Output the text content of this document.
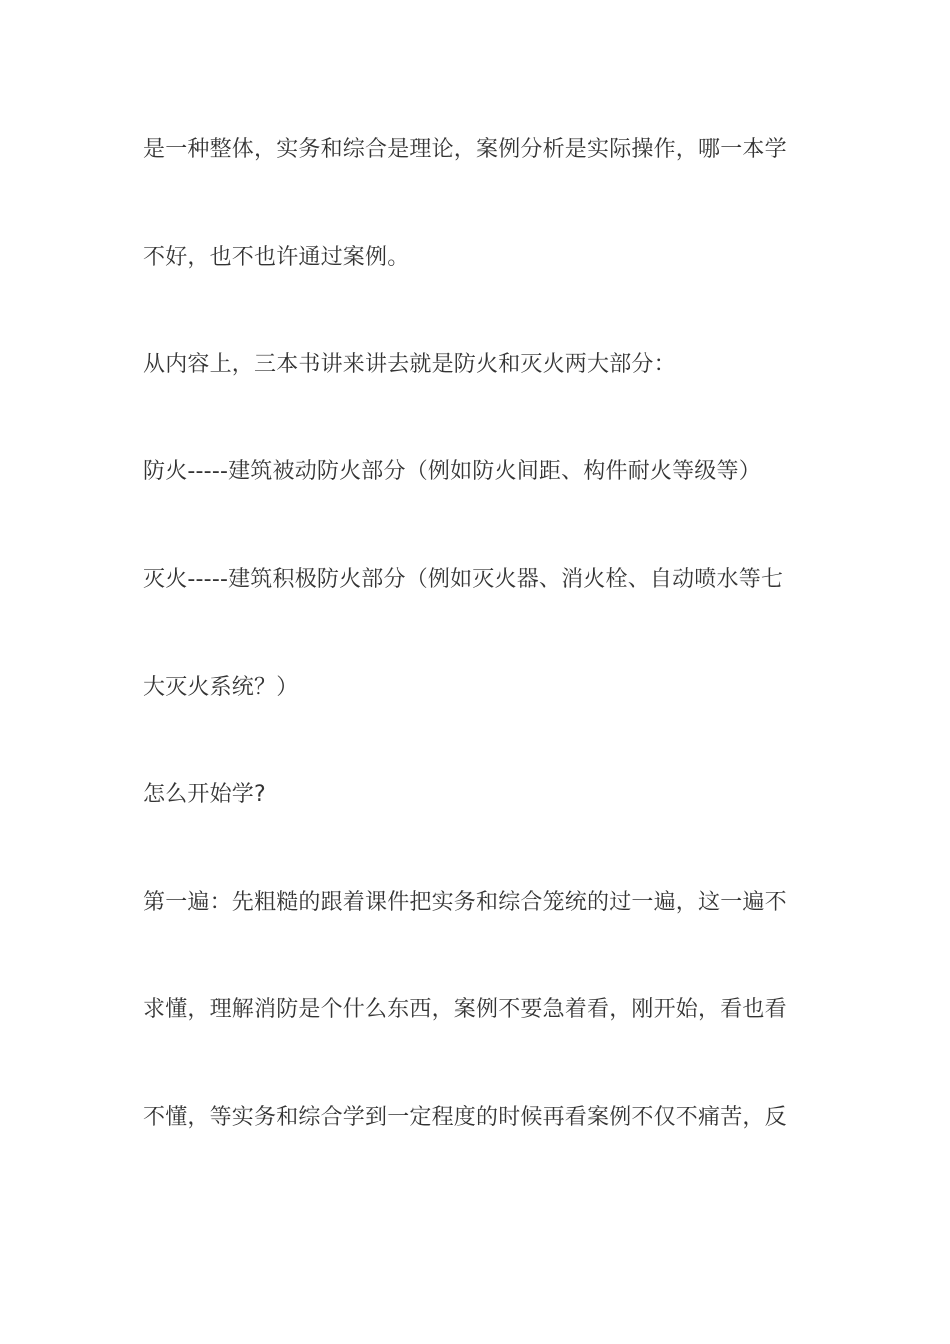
是一种整体，实务和综合是理论，案例分析是实际操作，哪一本学
不好，也不也许通过案例。
从内容上，三本书讲来讲去就是防火和灭火两大部分：
防火-----建筑被动防火部分（例如防火间距、构件耐火等级等）
灭火-----建筑积极防火部分（例如灭火器、消火栓、自动喷水等七
大灭火系统？）
怎么开始学?
第一遍：先粗糙的跟着课件把实务和综合笼统的过一遍，这一遍不
求懂，理解消防是个什么东西，案例不要急着看，刚开始，看也看
不懂，等实务和综合学到一定程度的时候再看案例不仅不痛苦，反
